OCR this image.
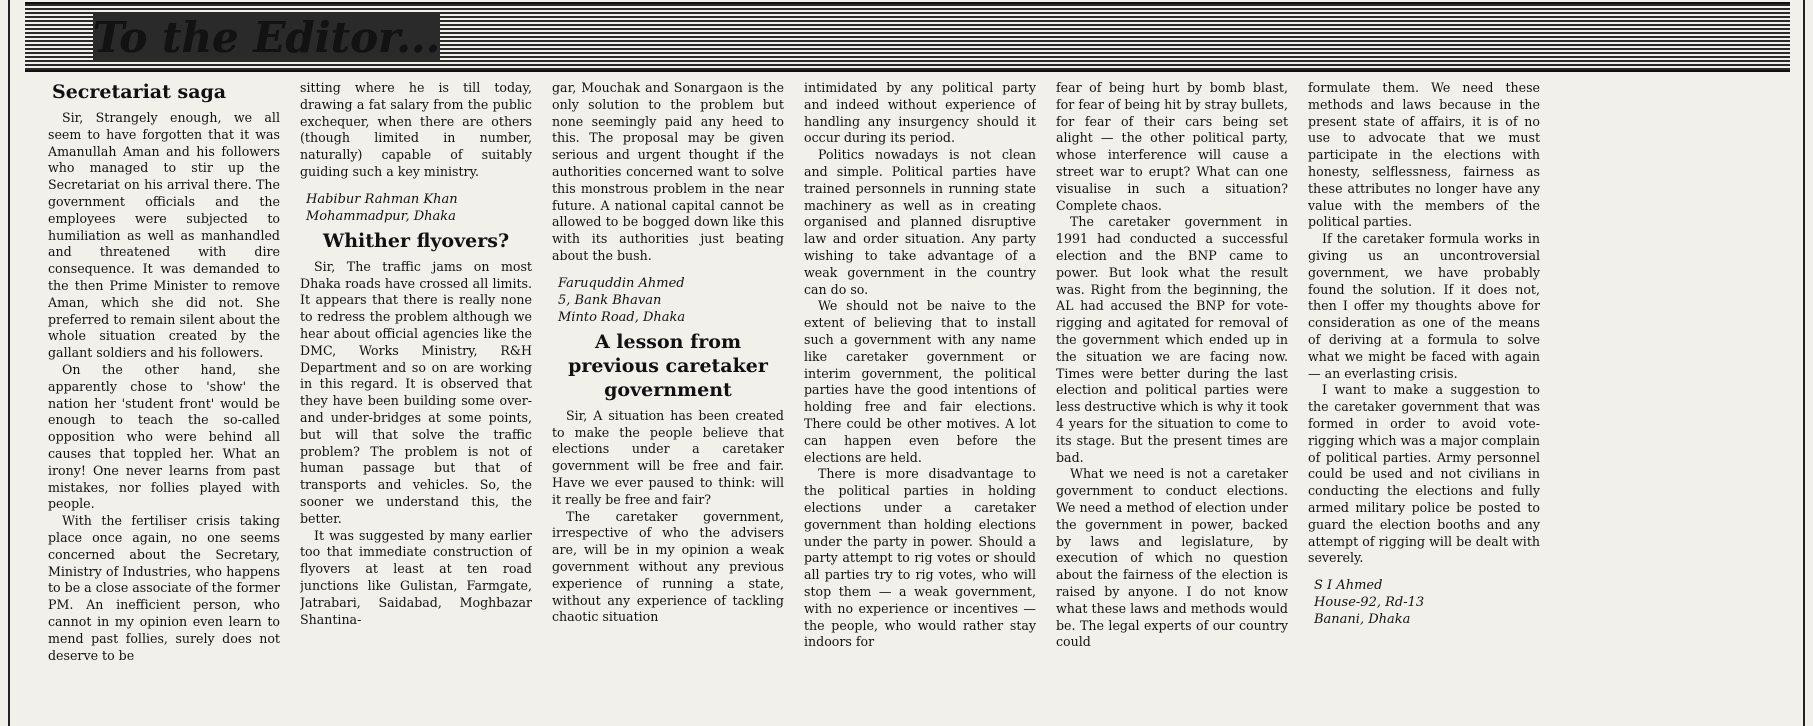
To the Editor...
Secretariat saga

Sir, Strangely enough, we all seem to have forgotten that it was Amanullah Aman and his followers who managed to stir up the Secretariat on his arrival there. The government officials and the employees were subjected to humiliation as well as manhandled and threatened with dire consequence. It was demanded to the then Prime Minister to remove Aman, which she did not. She preferred to remain silent about the whole situation created by the gallant soldiers and his followers.

On the other hand, she apparently chose to 'show' the nation her 'student front' would be enough to teach the so-called opposition who were behind all causes that toppled her. What an irony! One never learns from past mistakes, nor follies played with people.

With the fertiliser crisis taking place once again, no one seems concerned about the Secretary, Ministry of Industries, who happens to be a close associate of the former PM. An inefficient person, who cannot in my opinion even learn to mend past follies, surely does not deserve to be

sitting where he is till today, drawing a fat salary from the public exchequer, when there are others (though limited in number, naturally) capable of suitably guiding such a key ministry.

Habibur Rahman Khan
Mohammadpur, Dhaka
Whither flyovers?

Sir, The traffic jams on most Dhaka roads have crossed all limits. It appears that there is really none to redress the problem although we hear about official agencies like the DMC, Works Ministry, R&H Department and so on are working in this regard. It is observed that they have been building some over- and under-bridges at some points, but will that solve the traffic problem? The problem is not of human passage but that of transports and vehicles. So, the sooner we understand this, the better.

It was suggested by many earlier too that immediate construction of flyovers at least at ten road junctions like Gulistan, Farmgate, Jatrabari, Saidabad, Moghbazar Shantina-

gar, Mouchak and Sonargaon is the only solution to the problem but none seemingly paid any heed to this. The proposal may be given serious and urgent thought if the authorities concerned want to solve this monstrous problem in the near future. A national capital cannot be allowed to be bogged down like this with its authorities just beating about the bush.

Faruquddin Ahmed
5, Bank Bhavan
Minto Road, Dhaka
A lesson from previous caretaker government

Sir, A situation has been created to make the people believe that elections under a caretaker government will be free and fair. Have we ever paused to think: will it really be free and fair?

The caretaker government, irrespective of who the advisers are, will be in my opinion a weak government without any previous experience of running a state, without any experience of tackling chaotic situation

intimidated by any political party and indeed without experience of handling any insurgency should it occur during its period.

Politics nowadays is not clean and simple. Political parties have trained personnels in running state machinery as well as in creating organised and planned disruptive law and order situation. Any party wishing to take advantage of a weak government in the country can do so.

We should not be naive to the extent of believing that to install such a government with any name like caretaker government or interim government, the political parties have the good intentions of holding free and fair elections. There could be other motives. A lot can happen even before the elections are held.

There is more disadvantage to the political parties in holding elections under a caretaker government than holding elections under the party in power. Should a party attempt to rig votes or should all parties try to rig votes, who will stop them — a weak government, with no experience or incentives — the people, who would rather stay indoors for

fear of being hurt by bomb blast, for fear of being hit by stray bullets, for fear of their cars being set alight — the other political party, whose interference will cause a street war to erupt? What can one visualise in such a situation? Complete chaos.

The caretaker government in 1991 had conducted a successful election and the BNP came to power. But look what the result was. Right from the beginning, the AL had accused the BNP for vote-rigging and agitated for removal of the government which ended up in the situation we are facing now. Times were better during the last election and political parties were less destructive which is why it took 4 years for the situation to come to its stage. But the present times are bad.

What we need is not a caretaker government to conduct elections. We need a method of election under the government in power, backed by laws and legislature, by execution of which no question about the fairness of the election is raised by anyone. I do not know what these laws and methods would be. The legal experts of our country could

formulate them. We need these methods and laws because in the present state of affairs, it is of no use to advocate that we must participate in the elections with honesty, selflessness, fairness as these attributes no longer have any value with the members of the political parties.

If the caretaker formula works in giving us an uncontroversial government, we have probably found the solution. If it does not, then I offer my thoughts above for consideration as one of the means of deriving at a formula to solve what we might be faced with again — an everlasting crisis.

I want to make a suggestion to the caretaker government that was formed in order to avoid vote-rigging which was a major complain of political parties. Army personnel could be used and not civilians in conducting the elections and fully armed military police be posted to guard the election booths and any attempt of rigging will be dealt with severely.

S I Ahmed
House-92, Rd-13
Banani, Dhaka
